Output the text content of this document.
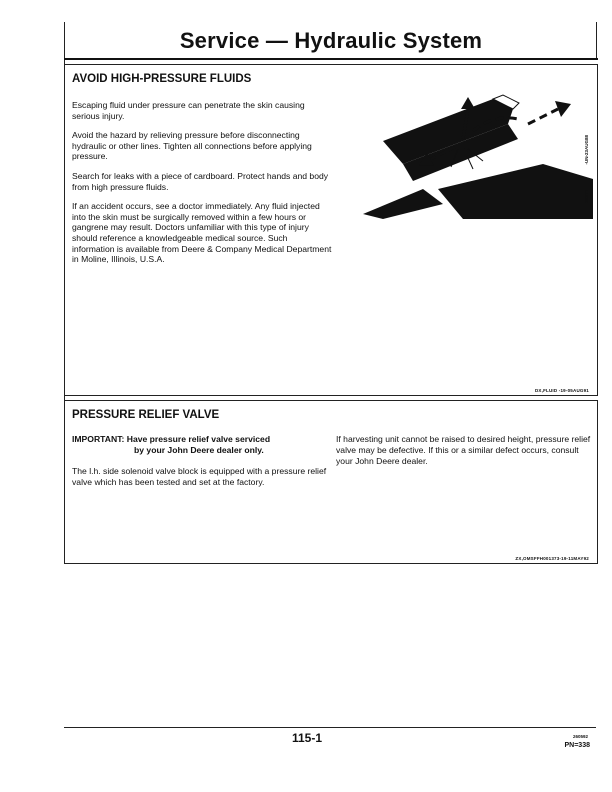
Service — Hydraulic System
AVOID HIGH-PRESSURE FLUIDS

Escaping fluid under pressure can penetrate the skin causing serious injury.

Avoid the hazard by relieving pressure before disconnecting hydraulic or other lines. Tighten all connections before applying pressure.

Search for leaks with a piece of cardboard. Protect hands and body from high pressure fluids.

If an accident occurs, see a doctor immediately. Any fluid injected into the skin must be surgically removed within a few hours or gangrene may result. Doctors unfamiliar with this type of injury should reference a knowledgeable medical source. Such information is available from Deere & Company Medical Department in Moline, Illinois, U.S.A.

-UN-23AUG88
X9811
DX,FLUID -19-05AUG91
PRESSURE RELIEF VALVE
IMPORTANT: Have pressure relief valve serviced
by your John Deere dealer only.
The l.h. side solenoid valve block is equipped with a pressure relief valve which has been tested and set at the factory.
If harvesting unit cannot be raised to desired height, pressure relief valve may be defective. If this or a similar defect occurs, consult your John Deere dealer.
ZX,OMSFFH001373-19-11MAY92
115-1	260592
PN=338
